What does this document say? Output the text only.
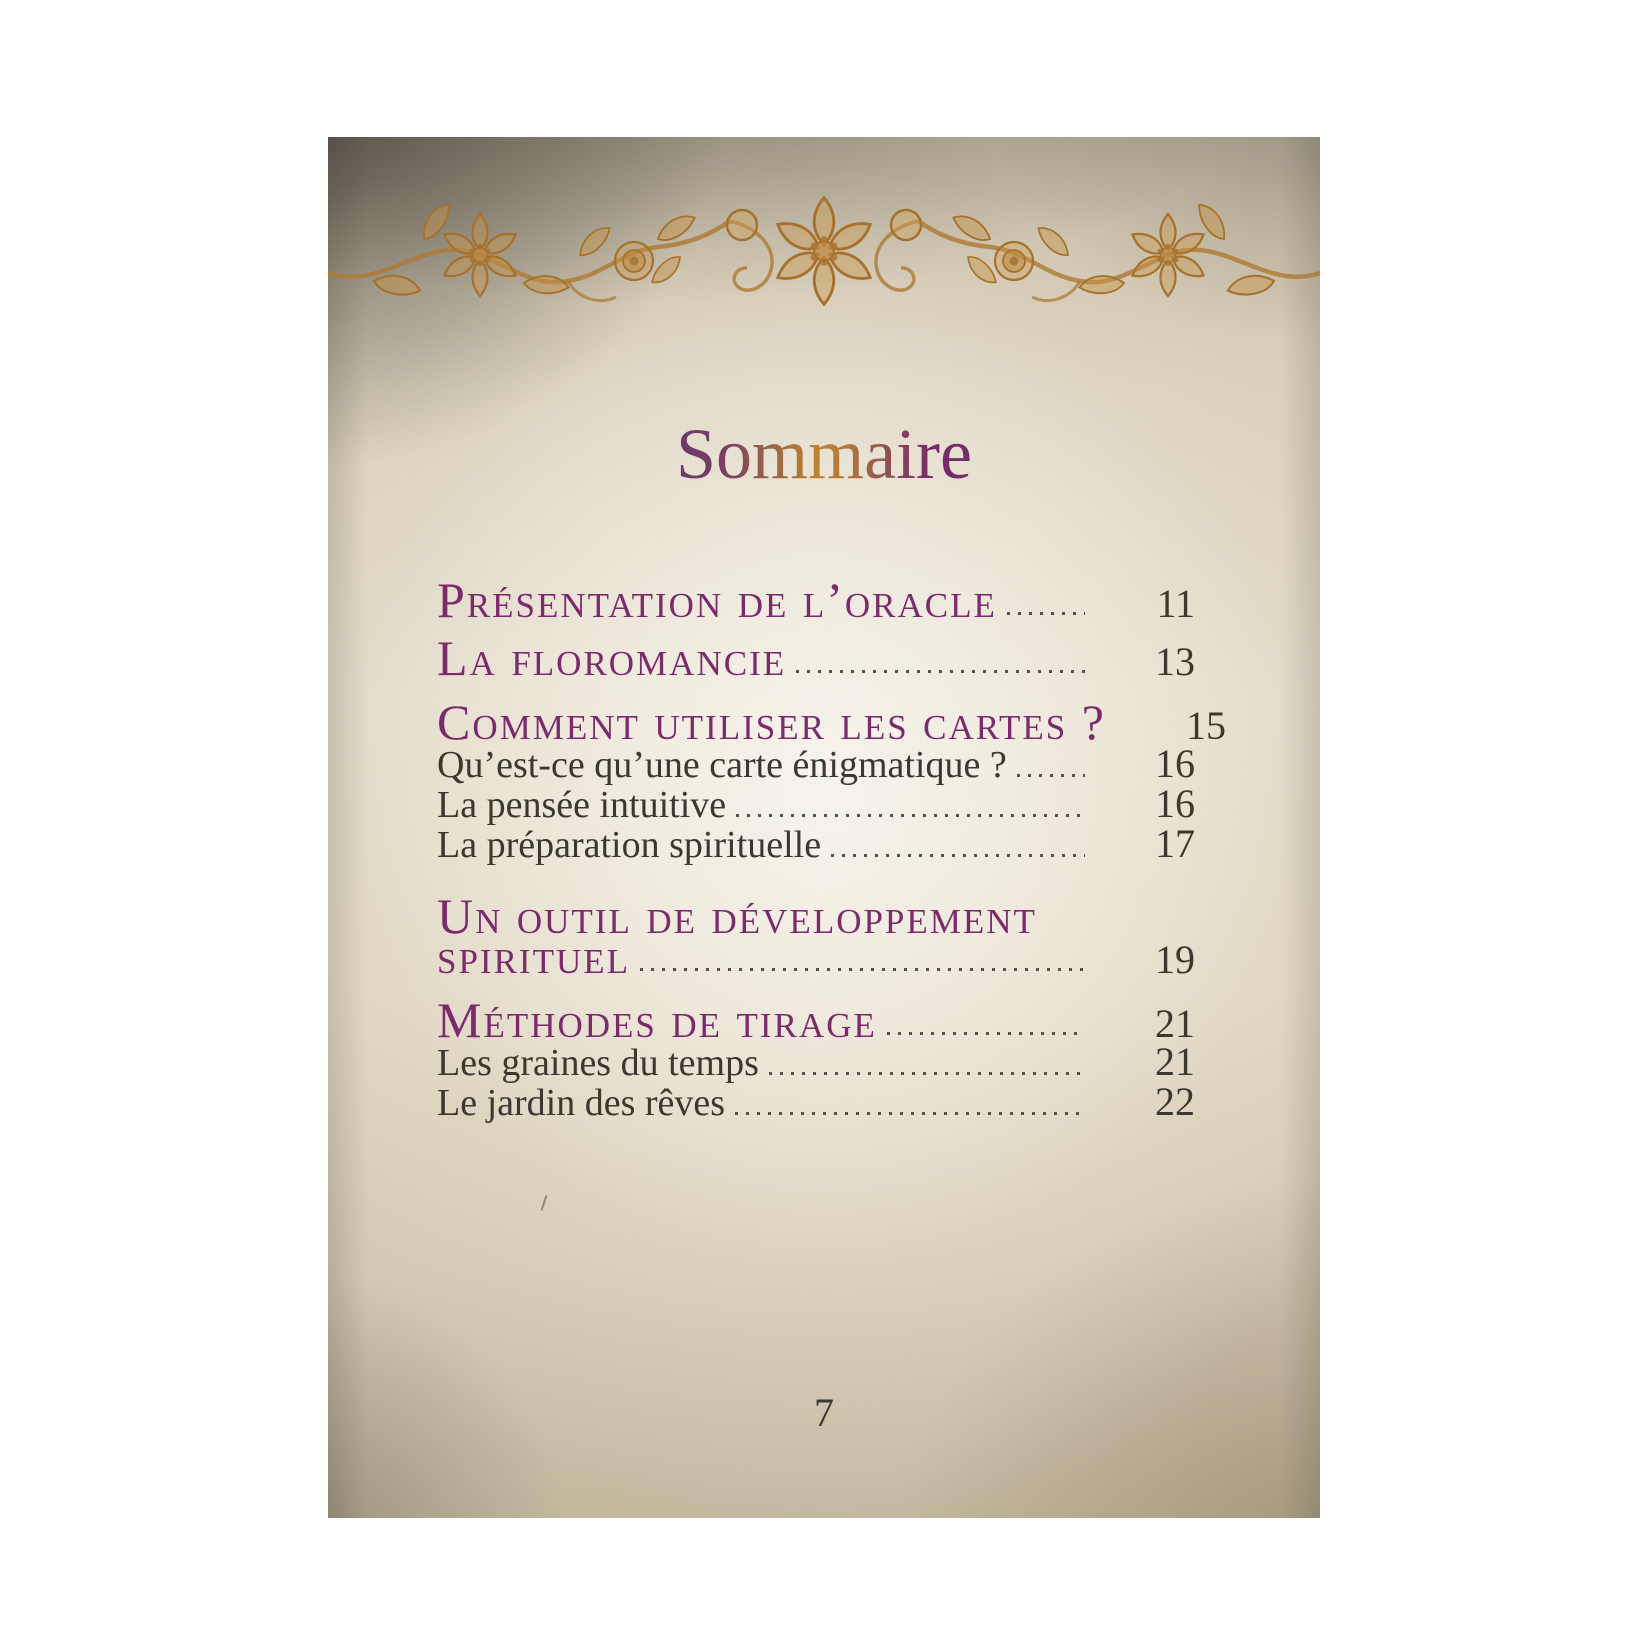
Sommaire
Présentation de l’oracle	11
La floromancie	13
Comment utiliser les cartes ?	15
Qu’est-ce qu’une carte énigmatique ?	16
La pensée intuitive	16
La préparation spirituelle	17
Un outil de développement
spirituel	19
Méthodes de tirage	21
Les graines du temps	21
Le jardin des rêves	22
7
